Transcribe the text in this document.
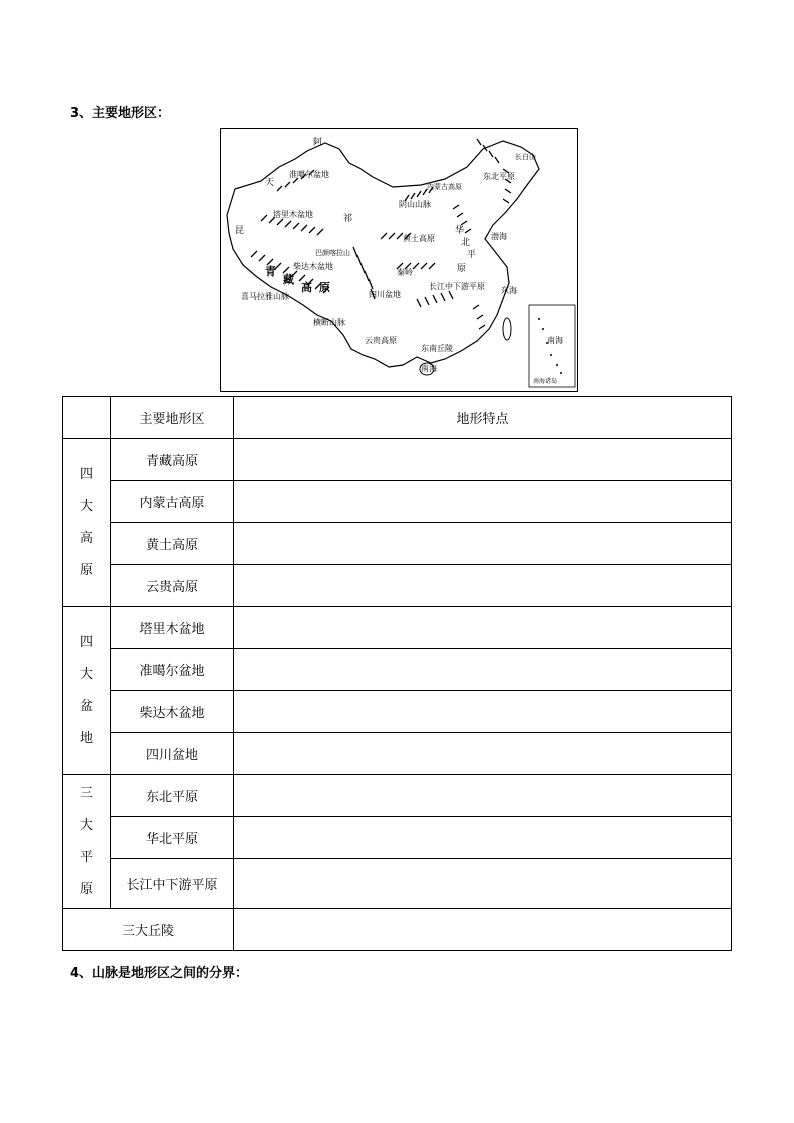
3、主要地形区：
阿
天
准噶尔盆地
塔里木盆地
昆
祁
柴达木盆地
巴颜喀拉山
青
藏
高 原
喜马拉雅山脉
横断山脉
四川盆地
云贵高原
黄土高原
阴山山脉
内蒙古高原
东北平原
长白山
华
北
平
原
渤海
秦岭
长江中下游平原 东海
南海
东南丘陵
南海
南海诸岛
	主要地形区	地形特点

四
大
高
原	青藏高原	
	内蒙古高原	
	黄土高原	
	云贵高原	

四
大
盆
地	塔里木盆地	
	准噶尔盆地	
	柴达木盆地	
	四川盆地	

三
大
平
原	东北平原	
	华北平原	
	长江中下游平原	
三大丘陵		
4、山脉是地形区之间的分界：
